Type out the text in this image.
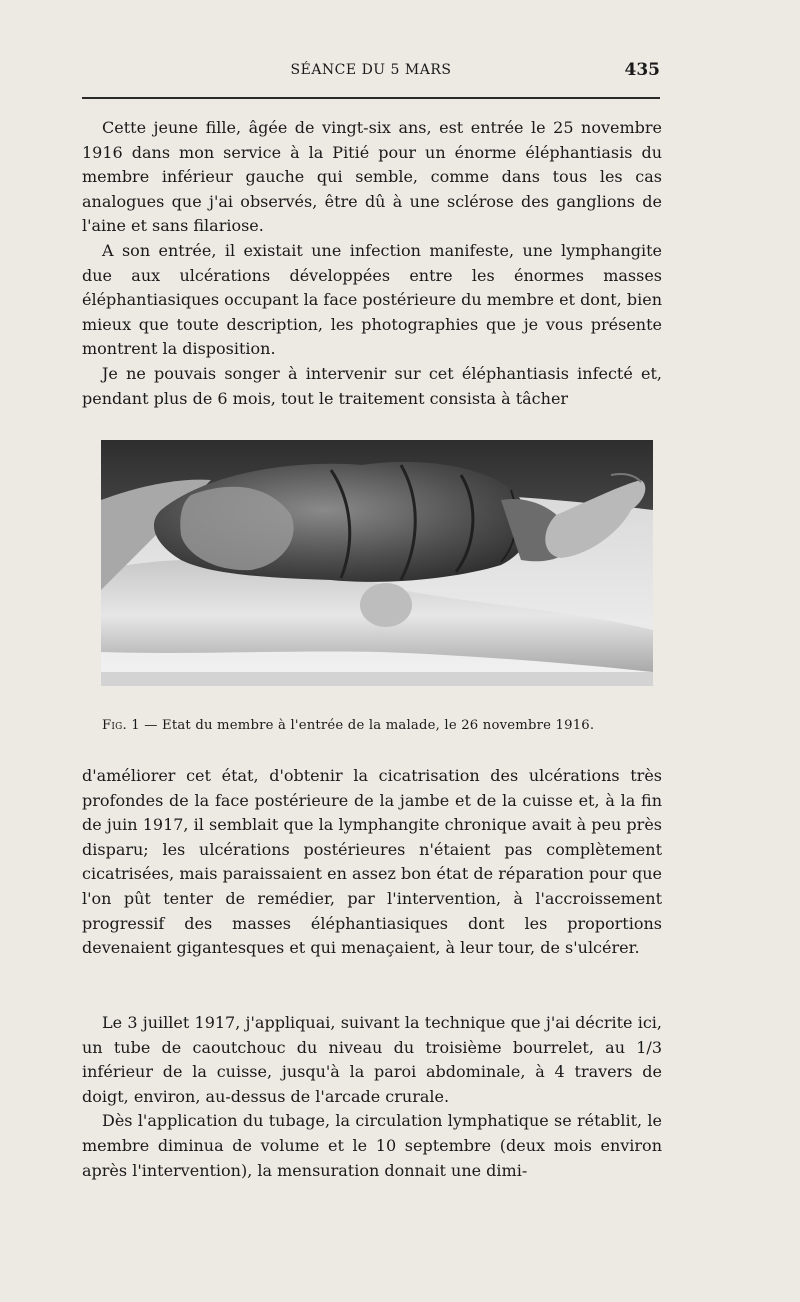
SÉANCE DU 5 MARS	435

Cette jeune fille, âgée de vingt-six ans, est entrée le 25 novembre 1916 dans mon service à la Pitié pour un énorme éléphantiasis du membre inférieur gauche qui semble, comme dans tous les cas analogues que j'ai observés, être dû à une sclérose des ganglions de l'aine et sans filariose.

A son entrée, il existait une infection manifeste, une lymphangite due aux ulcérations développées entre les énormes masses éléphantiasiques occupant la face postérieure du membre et dont, bien mieux que toute description, les photographies que je vous présente montrent la disposition.

Je ne pouvais songer à intervenir sur cet éléphantiasis infecté et, pendant plus de 6 mois, tout le traitement consista à tâcher

Fig. 1 — Etat du membre à l'entrée de la malade, le 26 novembre 1916.

d'améliorer cet état, d'obtenir la cicatrisation des ulcérations très profondes de la face postérieure de la jambe et de la cuisse et, à la fin de juin 1917, il semblait que la lymphangite chronique avait à peu près disparu; les ulcérations postérieures n'étaient pas complètement cicatrisées, mais paraissaient en assez bon état de réparation pour que l'on pût tenter de remédier, par l'intervention, à l'accroissement progressif des masses éléphantiasiques dont les proportions devenaient gigantesques et qui menaçaient, à leur tour, de s'ulcérer.

Le 3 juillet 1917, j'appliquai, suivant la technique que j'ai décrite ici, un tube de caoutchouc du niveau du troisième bourrelet, au 1/3 inférieur de la cuisse, jusqu'à la paroi abdominale, à 4 travers de doigt, environ, au-dessus de l'arcade crurale.

Dès l'application du tubage, la circulation lymphatique se rétablit, le membre diminua de volume et le 10 septembre (deux mois environ après l'intervention), la mensuration donnait une dimi-
